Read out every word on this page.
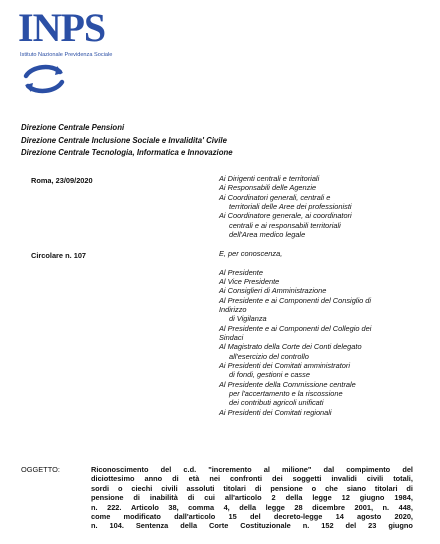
INPS
Istituto Nazionale Previdenza Sociale
Direzione Centrale Pensioni
Direzione Centrale Inclusione Sociale e Invalidita' Civile
Direzione Centrale Tecnologia, Informatica e Innovazione
Roma, 23/09/2020
Circolare n. 107
Ai Dirigenti centrali e territoriali
Ai Responsabili delle Agenzie
Ai Coordinatori generali, centrali e
territoriali delle Aree dei professionisti
Ai Coordinatore generale, ai coordinatori
centrali e ai responsabili territoriali
dell'Area medico legale
E, per conoscenza,
Al Presidente
Al Vice Presidente
Ai Consiglieri di Amministrazione
Al Presidente e ai Componenti del Consiglio di
Indirizzo
di Vigilanza
Al Presidente e ai Componenti del Collegio dei
Sindaci
Al Magistrato della Corte dei Conti delegato
all'esercizio del controllo
Ai Presidenti dei Comitati amministratori
di fondi, gestioni e casse
Al Presidente della Commissione centrale
per l'accertamento e la riscossione
dei contributi agricoli unificati
Ai Presidenti dei Comitati regionali
OGGETTO:	Riconoscimento del c.d. "incremento al milione" dal compimento del
diciottesimo anno di età nei confronti dei soggetti invalidi civili totali,
sordi o ciechi civili assoluti titolari di pensione o che siano titolari di
pensione di inabilità di cui all'articolo 2 della legge 12 giugno 1984,
n. 222. Articolo 38, comma 4, della legge 28 dicembre 2001, n. 448,
come modificato dall'articolo 15 del decreto-legge 14 agosto 2020,
n. 104. Sentenza della Corte Costituzionale n. 152 del 23 giugno
